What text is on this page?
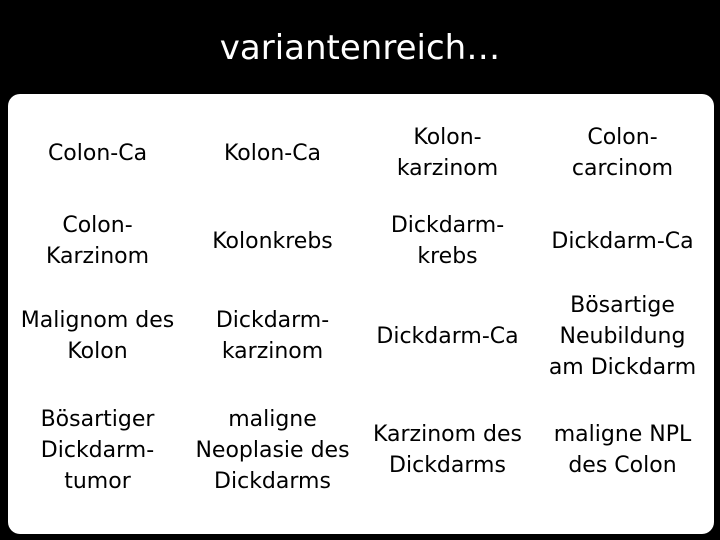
variantenreich…
Colon-Ca	Kolon-Ca
Kolon-
karzinom
Colon-
carcinom
Colon-
Karzinom
Kolonkrebs
Dickdarm-
krebs
Dickdarm-Ca
Malignom des
Kolon
Dickdarm-
karzinom
Dickdarm-Ca
Bösartige
Neubildung
am Dickdarm
Bösartiger
Dickdarm-
tumor
maligne
Neoplasie des
Dickdarms
Karzinom des
Dickdarms
maligne NPL
des Colon
